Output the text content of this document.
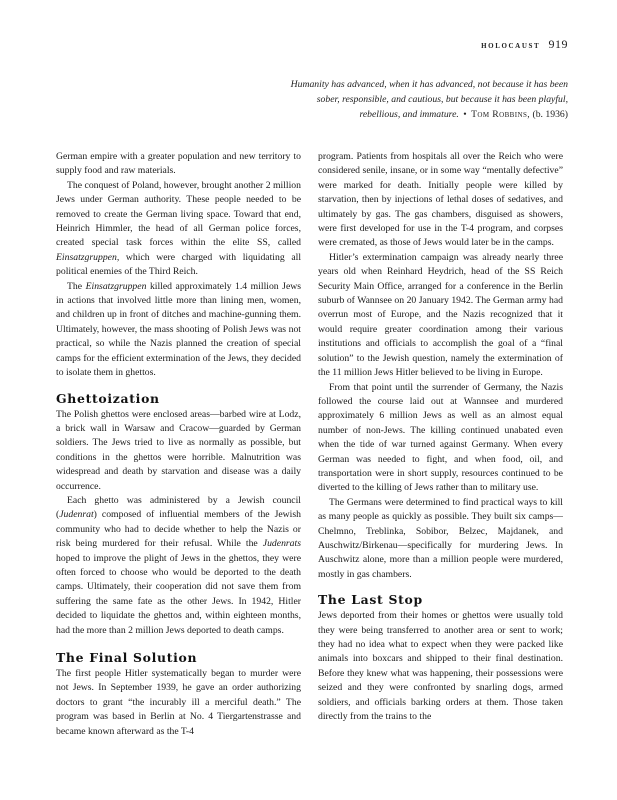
holocaust 919
Humanity has advanced, when it has advanced, not because it has been
sober, responsible, and cautious, but because it has been playful,
rebellious, and immature. • Tom Robbins, (b. 1936)

German empire with a greater population and new territory to supply food and raw materials.

The conquest of Poland, however, brought another 2 million Jews under German authority. These people needed to be removed to create the German living space. Toward that end, Heinrich Himmler, the head of all German police forces, created special task forces within the elite SS, called Einsatzgruppen, which were charged with liquidating all political enemies of the Third Reich.

The Einsatzgruppen killed approximately 1.4 million Jews in actions that involved little more than lining men, women, and children up in front of ditches and machine-gunning them. Ultimately, however, the mass shooting of Polish Jews was not practical, so while the Nazis planned the creation of special camps for the efficient extermination of the Jews, they decided to isolate them in ghettos.

Ghettoization

The Polish ghettos were enclosed areas—barbed wire at Lodz, a brick wall in Warsaw and Cracow—guarded by German soldiers. The Jews tried to live as normally as possible, but conditions in the ghettos were horrible. Malnutrition was widespread and death by starvation and disease was a daily occurrence.

Each ghetto was administered by a Jewish council (Judenrat) composed of influential members of the Jewish community who had to decide whether to help the Nazis or risk being murdered for their refusal. While the Judenrats hoped to improve the plight of Jews in the ghettos, they were often forced to choose who would be deported to the death camps. Ultimately, their cooperation did not save them from suffering the same fate as the other Jews. In 1942, Hitler decided to liquidate the ghettos and, within eighteen months, had the more than 2 million Jews deported to death camps.

The Final Solution

The first people Hitler systematically began to murder were not Jews. In September 1939, he gave an order authorizing doctors to grant “the incurably ill a merciful death.” The program was based in Berlin at No. 4 Tiergartenstrasse and became known afterward as the T-4

program. Patients from hospitals all over the Reich who were considered senile, insane, or in some way “mentally defective” were marked for death. Initially people were killed by starvation, then by injections of lethal doses of sedatives, and ultimately by gas. The gas chambers, disguised as showers, were first developed for use in the T-4 program, and corpses were cremated, as those of Jews would later be in the camps.

Hitler’s extermination campaign was already nearly three years old when Reinhard Heydrich, head of the SS Reich Security Main Office, arranged for a conference in the Berlin suburb of Wannsee on 20 January 1942. The German army had overrun most of Europe, and the Nazis recognized that it would require greater coordination among their various institutions and officials to accomplish the goal of a “final solution” to the Jewish question, namely the extermination of the 11 million Jews Hitler believed to be living in Europe.

From that point until the surrender of Germany, the Nazis followed the course laid out at Wannsee and murdered approximately 6 million Jews as well as an almost equal number of non-Jews. The killing continued unabated even when the tide of war turned against Germany. When every German was needed to fight, and when food, oil, and transportation were in short supply, resources continued to be diverted to the killing of Jews rather than to military use.

The Germans were determined to find practical ways to kill as many people as quickly as possible. They built six camps—Chelmno, Treblinka, Sobibor, Belzec, Majdanek, and Auschwitz/Birkenau—specifically for murdering Jews. In Auschwitz alone, more than a million people were murdered, mostly in gas chambers.

The Last Stop

Jews deported from their homes or ghettos were usually told they were being transferred to another area or sent to work; they had no idea what to expect when they were packed like animals into boxcars and shipped to their final destination. Before they knew what was happening, their possessions were seized and they were confronted by snarling dogs, armed soldiers, and officials barking orders at them. Those taken directly from the trains to the
